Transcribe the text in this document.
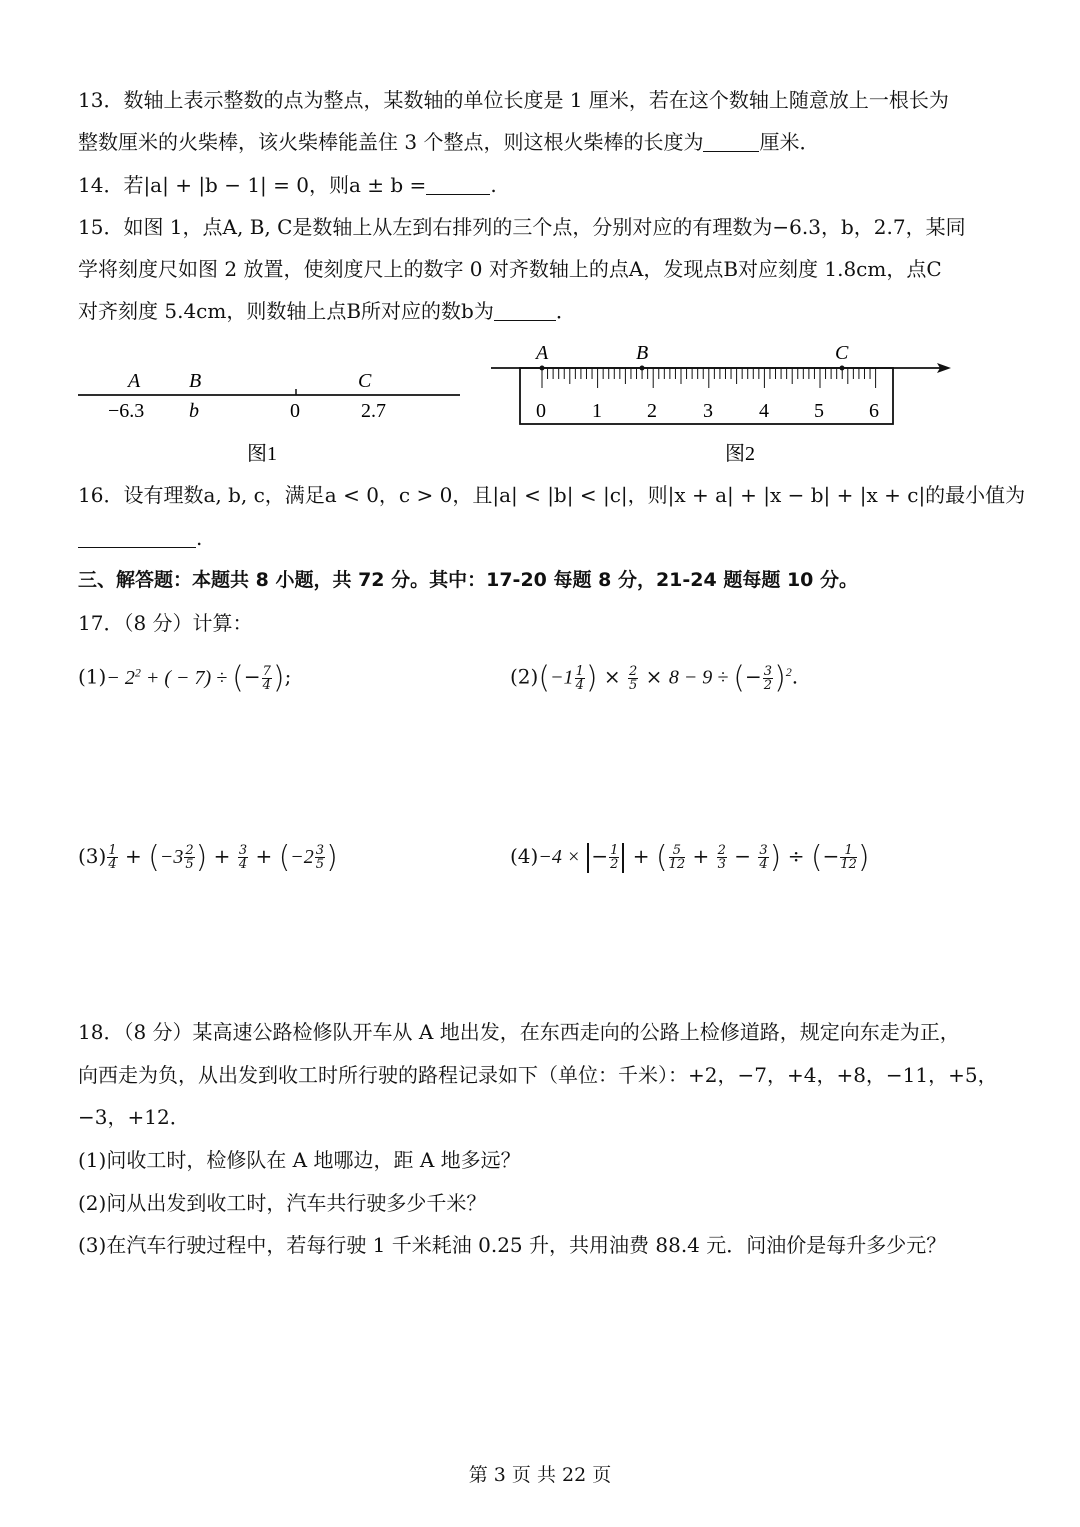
13．数轴上表示整数的点为整点，某数轴的单位长度是 1 厘米，若在这个数轴上随意放上一根长为
整数厘米的火柴棒，该火柴棒能盖住 3 个整点，则这根火柴棒的长度为	厘米．
14．若|a| + |b − 1| = 0，则a ± b =	.
15．如图 1，点A, B, C是数轴上从左到右排列的三个点，分别对应的有理数为−6.3，b，2.7，某同
学将刻度尺如图 2 放置，使刻度尺上的数字 0 对齐数轴上的点A，发现点B对应刻度 1.8cm，点C
对齐刻度 5.4cm，则数轴上点B所对应的数b为	．
A B	C
−6.3 b	0	2.7
图1
A	B	C
0 1 2 3 4 5 6
图2
16．设有理数a, b, c，满足a < 0，c > 0，且|a| < |b| < |c|，则|x + a| + |x − b| + |x + c|的最小值为
.
三、解答题：本题共 8 小题，共 72 分。其中：17-20 每题 8 分，21-24 题每题 10 分。
17．（8 分）计算：
$(1)- 2^2$ + ( − 7) ÷ (− $\frac{7}{4}$ );	$(2)(-1 \frac{1}{4}$ ) × $\frac{2}{5} \times 8 - 9$ ÷ (− $\frac{3}{2} )^2$.
$(3) \frac{1}{4} + (-3 \frac{2}{5}$ ) + $\frac{3}{4} + (-2 \frac{3}{5}$ )	(4)−4 × − $\frac{1}{2}$ + ( $\frac{5}{12} + \frac{2}{3} - \frac{3}{4}$ ) ÷ (− $\frac{1}{12}$ )
18．（8 分）某高速公路检修队开车从 A 地出发，在东西走向的公路上检修道路，规定向东走为正，
向西走为负，从出发到收工时所行驶的路程记录如下（单位：千米）：+2，−7，+4，+8，−11，+5，
−3，+12．
(1)问收工时，检修队在 A 地哪边，距 A 地多远？
(2)问从出发到收工时，汽车共行驶多少千米？
(3)在汽车行驶过程中，若每行驶 1 千米耗油 0.25 升，共用油费 88.4 元．问油价是每升多少元？
第 3 页 共 22 页
